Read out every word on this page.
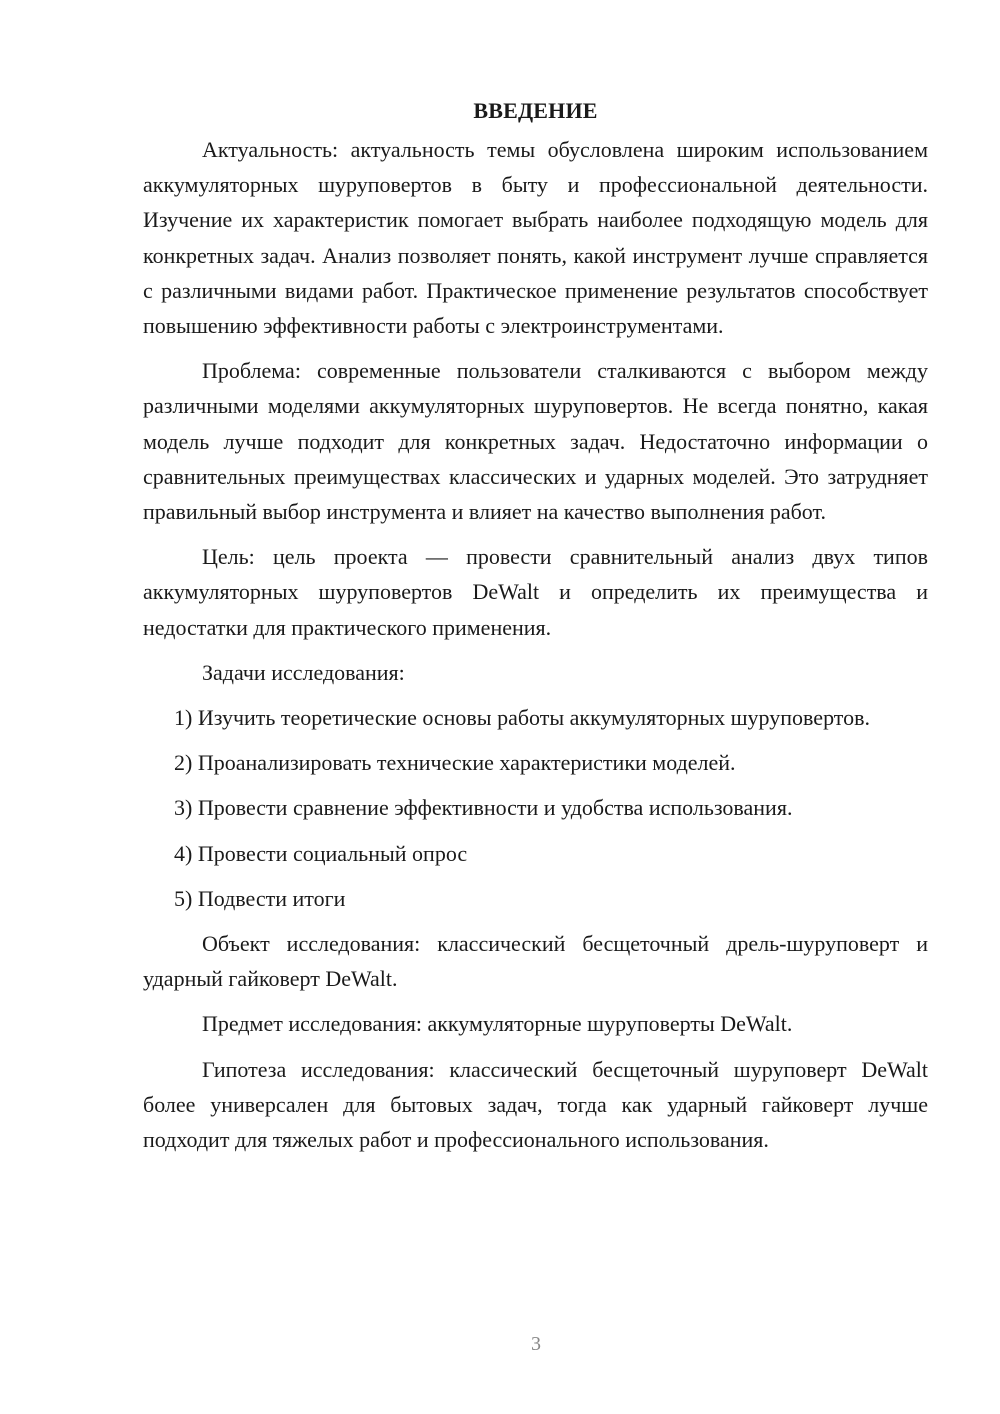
ВВЕДЕНИЕ

Актуальность: актуальность темы обусловлена широким использованием аккумуляторных шуруповертов в быту и профессиональной деятельности. Изучение их характеристик помогает выбрать наиболее подходящую модель для конкретных задач. Анализ позволяет понять, какой инструмент лучше справляется с различными видами работ. Практическое применение результатов способствует повышению эффективности работы с электроинструментами.

Проблема: современные пользователи сталкиваются с выбором между различными моделями аккумуляторных шуруповертов. Не всегда понятно, какая модель лучше подходит для конкретных задач. Недостаточно информации о сравнительных преимуществах классических и ударных моделей. Это затрудняет правильный выбор инструмента и влияет на качество выполнения работ.

Цель: цель проекта — провести сравнительный анализ двух типов аккумуляторных шуруповертов DeWalt и определить их преимущества и недостатки для практического применения.

Задачи исследования:

1) Изучить теоретические основы работы аккумуляторных шуруповертов.

2) Проанализировать технические характеристики моделей.

3) Провести сравнение эффективности и удобства использования.

4) Провести социальный опрос

5) Подвести итоги

Объект исследования: классический бесщеточный дрель-шуруповерт и ударный гайковерт DeWalt.

Предмет исследования: аккумуляторные шуруповерты DeWalt.

Гипотеза исследования: классический бесщеточный шуруповерт DeWalt более универсален для бытовых задач, тогда как ударный гайковерт лучше подходит для тяжелых работ и профессионального использования.

3
